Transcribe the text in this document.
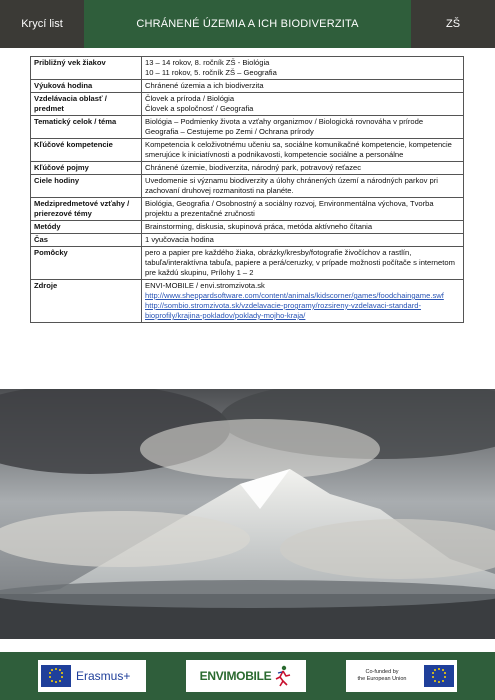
Krycí list	CHRÁNENÉ ÚZEMIA A ICH BIODIVERZITA	ZŠ
Približný vek žiakov	13 – 14 rokov, 8. ročník ZŠ - Biológia
10 – 11 rokov, 5. ročník ZŠ – Geografia

Výuková hodina	Chránené územia a ich biodiverzita

Vzdelávacia oblasť / predmet	Človek a príroda / Biológia
Človek a spoločnosť / Geografia

Tematický celok / téma	Biológia – Podmienky života a vzťahy organizmov / Biologická rovnováha v prírode
Geografia – Cestujeme po Zemi / Ochrana prírody

Kľúčové kompetencie	Kompetencia k celoživotnému učeniu sa, sociálne komunikačné kompetencie, kompetencie smerujúce k iniciatívnosti a podnikavosti, kompetencie sociálne a personálne

Kľúčové pojmy	Chránené územie, biodiverzita, národný park, potravový reťazec

Ciele hodiny	Uvedomenie si významu biodiverzity a úlohy chránených území a národných parkov pri zachovaní druhovej rozmanitosti na planéte.

Medzipredmetové vzťahy / prierezové témy	Biológia, Geografia / Osobnostný a sociálny rozvoj, Environmentálna výchova, Tvorba projektu a prezentačné zručnosti

Metódy	Brainstorming, diskusia, skupinová práca, metóda aktívneho čítania

Čas	1 vyučovacia hodina

Pomôcky	pero a papier pre každého žiaka, obrázky/kresby/fotografie živočíchov a rastlín, tabuľa/interaktívna tabuľa, papiere a perá/ceruzky, v prípade možnosti počítače s internetom pre každú skupinu, Prílohy 1 – 2

Zdroje	ENVI-MOBILE / envi.stromzivota.sk
http://www.sheppardsoftware.com/content/animals/kidscorner/games/foodchaingame.swf
http://sombio.stromzivota.sk/vzdelavacie-programy/rozsireny-vzdelavaci-standard-bioprofily/krajina-pokladov/poklady-mojho-kraja/
Erasmus+	ENVIMOBILE	Co-funded by
the European Union
